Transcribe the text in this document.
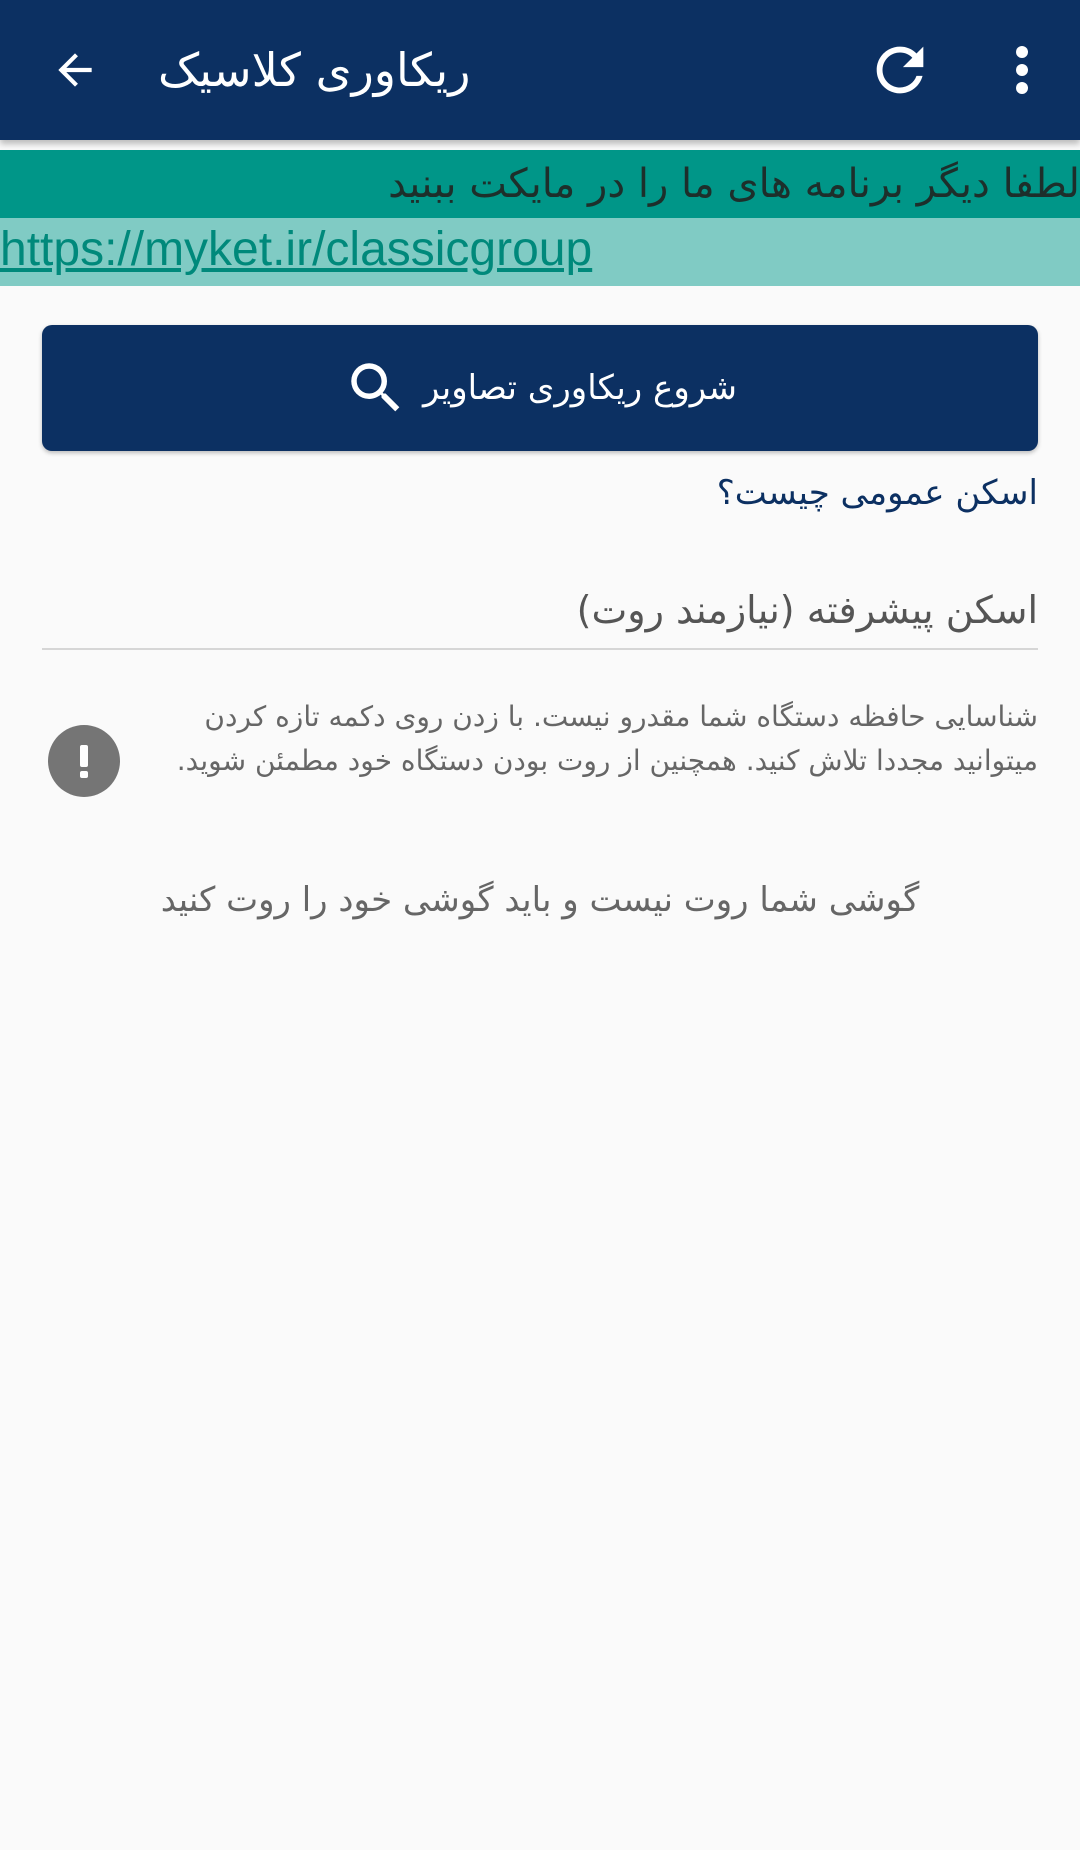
ریکاوری کلاسیک
لطفا دیگر برنامه های ما را در مایکت ببنید
https://myket.ir/classicgroup
شروع ریکاوری تصاویر
اسکن عمومی چیست؟
اسکن پیشرفته (نیازمند روت)
شناسایی حافظه دستگاه شما مقدرو نیست. با زدن روی دکمه تازه کردن میتوانید مجددا تلاش کنید. همچنین از روت بودن دستگاه خود مطمئن شوید.
گوشی شما روت نیست و باید گوشی خود را روت کنید
